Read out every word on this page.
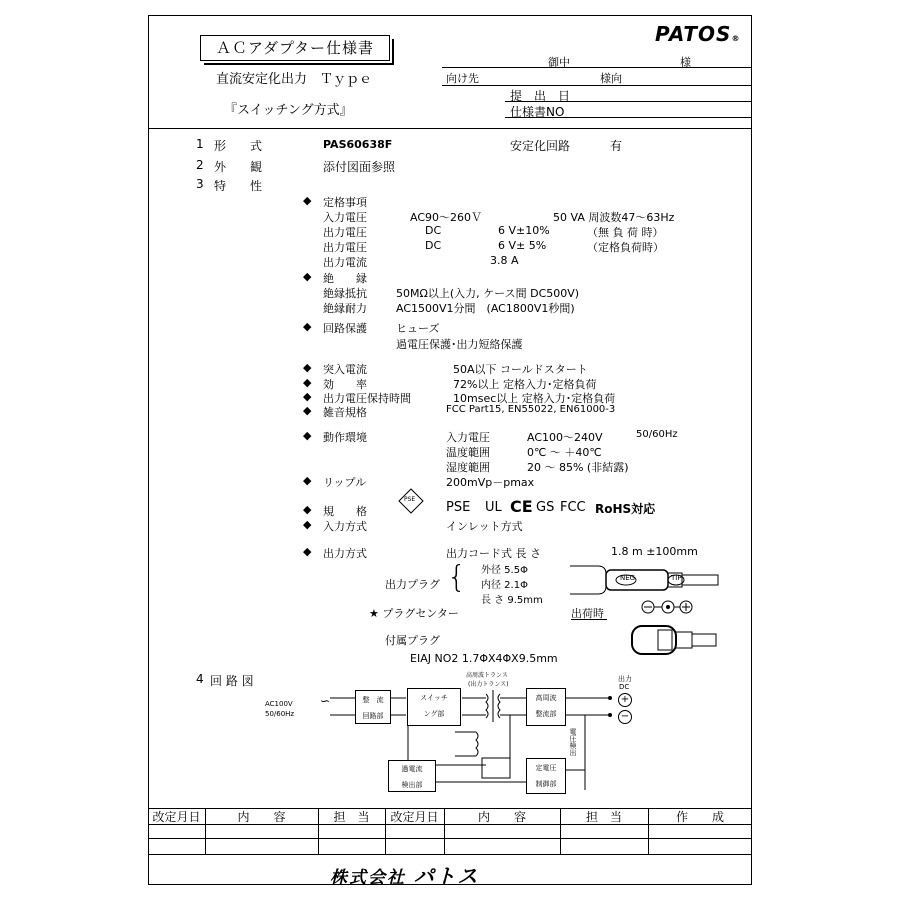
ＡＣアダプター仕様書
直流安定化出力　Ｔｙｐｅ
『スイッチング方式』
PATOS®
御中	様
向け先	様向
提　出　日
仕様書NO
1 形　　式	PAS60638F	安定化回路	有
2 外　　観	添付図面参照
3 特　　性
◆ 定格事項
入力電圧	AC90～260Ｖ	50 VA 周波数47～63Hz
出力電圧	DC	6 V±10%	（無 負 荷 時）
出力電圧	DC	6 V± 5%	（定格負荷時）
出力電流	3.8 A
◆ 絶　　縁
絶縁抵抗	50MΩ以上(入力, ケース間 DC500V)
絶縁耐力	AC1500V1分間　(AC1800V1秒間)
◆ 回路保護	ヒューズ
過電圧保護･出力短絡保護
◆ 突入電流	50A以下 コールドスタート
◆ 効　　率	72%以上 定格入力･定格負荷
◆ 出力電圧保持時間	10msec以上 定格入力･定格負荷
◆ 雑音規格	FCC Part15, EN55022, EN61000-3
◆ 動作環境	入力電圧	AC100～240V	50/60Hz
温度範囲	0℃ ～ ＋40℃
湿度範囲	20 ～ 85% (非結露)
◆ リップル	200mVp－pmax
◆ 規　　格
PSE
PSE UL CE GS FCC RoHS対応
◆ 入力方式	インレット方式
◆ 出力方式	出力コード式 長 さ	1.8 m ±100mm
出力プラグ { 外径 5.5Φ
内径 2.1Φ
長 さ 9.5mm
NEG	TIP
★ プラグセンター	出荷時
付属プラグ
EIAJ NO2 1.7ΦX4ΦX9.5mm
4 回 路 図
AC100V
50/60Hz
∽	整　流
回路部
スイッチ
ング部
高周波トランス
(出力トランス)
高周波
整流部
過電流
検出部
定電圧
制御部
電圧検出
出力
DC
+
−
改定月日	内　　容	担　当	改定月日	内　　容	担　当	作　　成
株式会社 パトス
